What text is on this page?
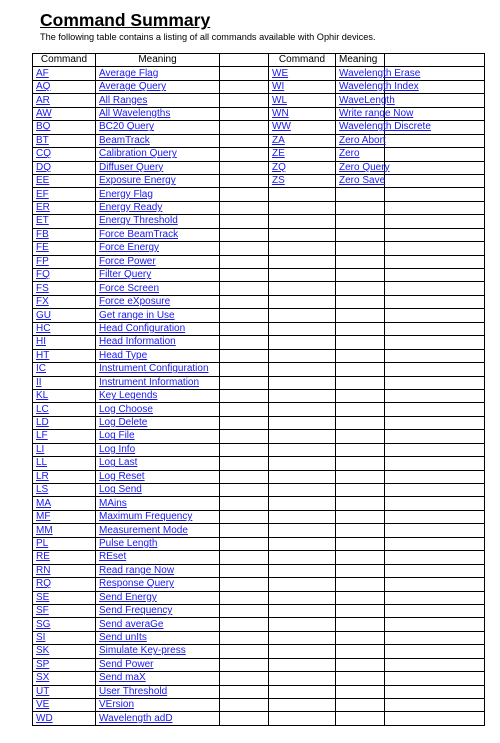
Command Summary

The following table contains a listing of all commands available with Ophir devices.

Command	Meaning		Command	Meaning	
AF	Average Flag		WE	Wavelength Erase	
AQ	Average Query		WI	Wavelength Index	
AR	All Ranges		WL	WaveLength	
AW	All Wavelengths		WN	Write range Now	
BQ	BC20 Query		WW	Wavelength Discrete	
BT	BeamTrack		ZA	Zero Abort	
CQ	Calibration Query		ZE	Zero	
DQ	Diffuser Query		ZQ	Zero Query	
EE	Exposure Energy		ZS	Zero Save	
EF	Energy Flag				
ER	Energy Ready				
ET	Energy Threshold				
FB	Force BeamTrack				
FE	Force Energy				
FP	Force Power				
FQ	Filter Query				
FS	Force Screen				
FX	Force eXposure				
GU	Get range in Use				
HC	Head Configuration				
HI	Head Information				
HT	Head Type				
IC	Instrument Configuration				
II	Instrument Information				
KL	Key Legends				
LC	Log Choose				
LD	Log Delete				
LF	Log File				
LI	Log Info				
LL	Log Last				
LR	Log Reset				
LS	Log Send				
MA	MAins				
MF	Maximum Frequency				
MM	Measurement Mode				
PL	Pulse Length				
RE	REset				
RN	Read range Now				
RQ	Response Query				
SE	Send Energy				
SF	Send Frequency				
SG	Send averaGe				
SI	Send unIts				
SK	Simulate Key-press				
SP	Send Power				
SX	Send maX				
UT	User Threshold				
VE	VErsion				
WD	Wavelength adD				
